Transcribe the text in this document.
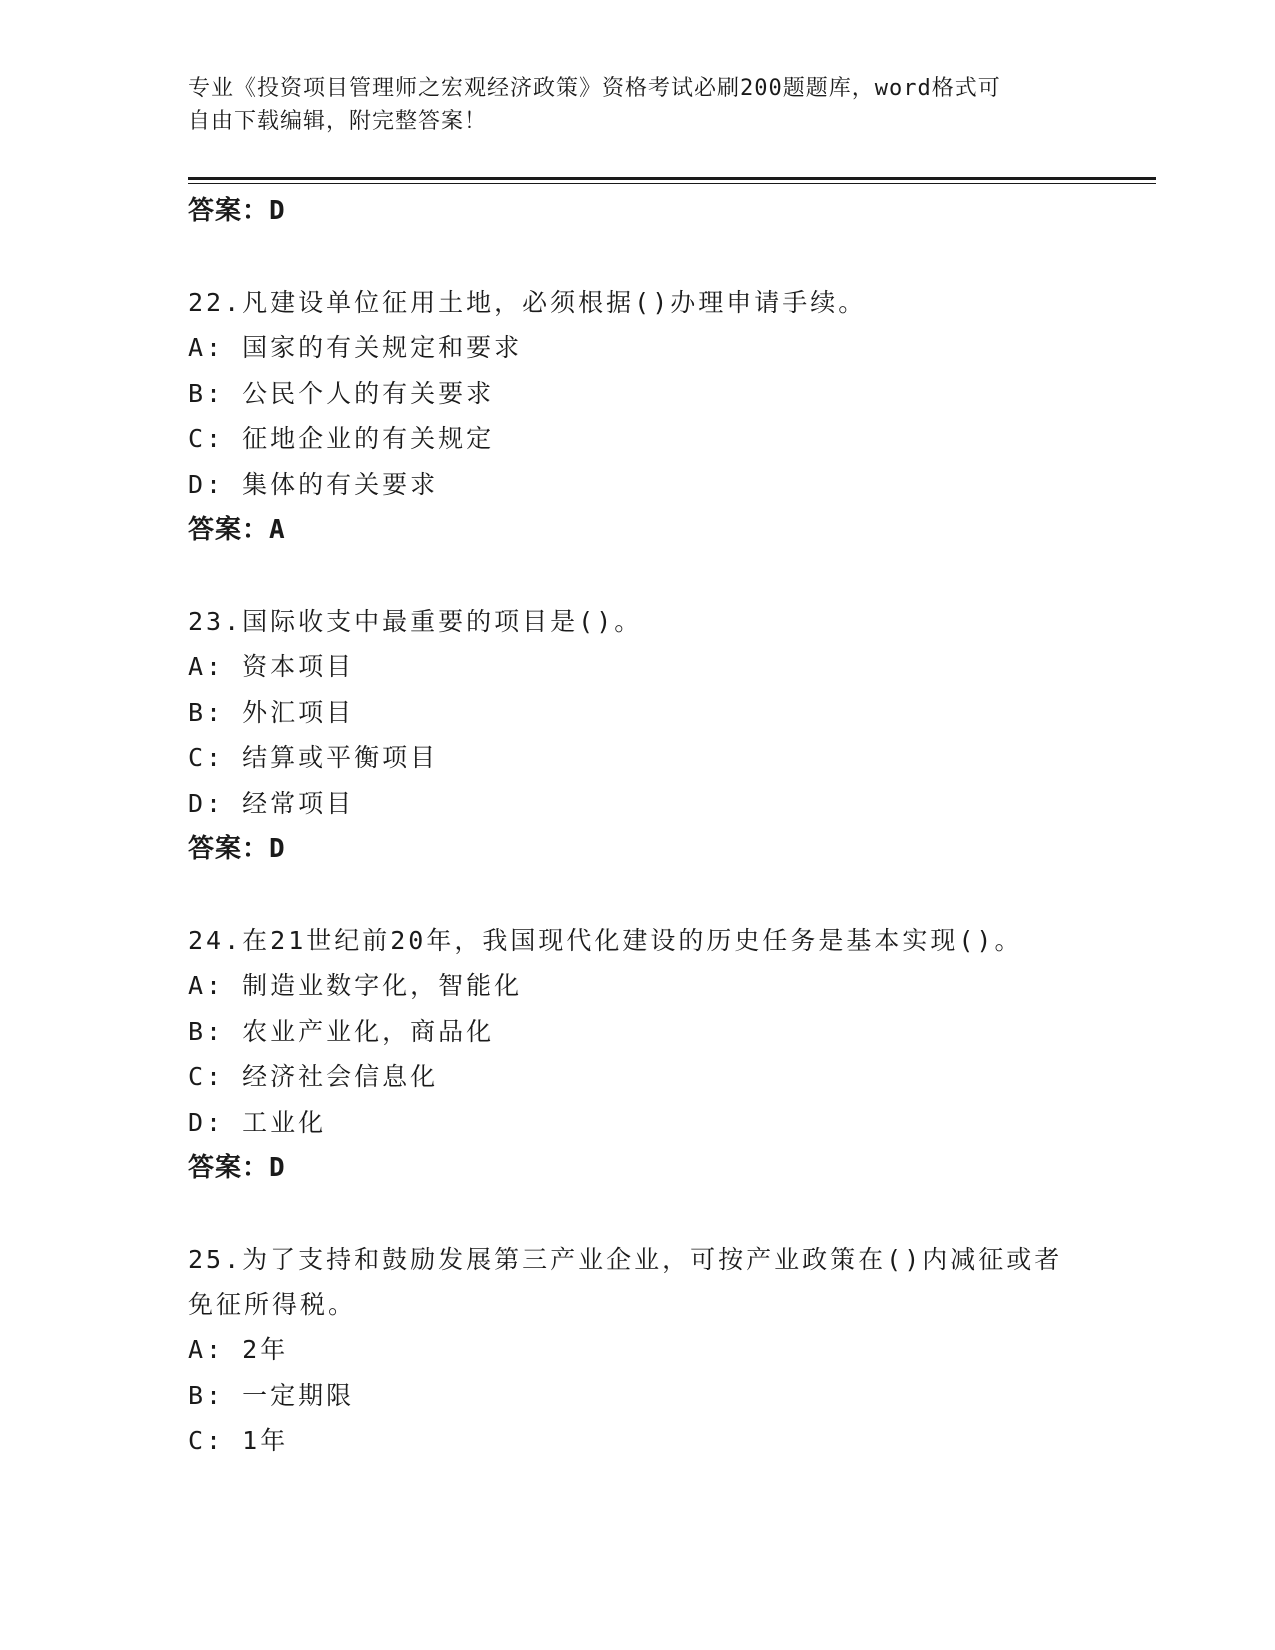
专业《投资项目管理师之宏观经济政策》资格考试必刷200题题库，word格式可
自由下载编辑，附完整答案！
答案：D
22.凡建设单位征用土地，必须根据()办理申请手续。
A: 国家的有关规定和要求
B: 公民个人的有关要求
C: 征地企业的有关规定
D: 集体的有关要求
答案：A
23.国际收支中最重要的项目是()。
A: 资本项目
B: 外汇项目
C: 结算或平衡项目
D: 经常项目
答案：D
24.在21世纪前20年，我国现代化建设的历史任务是基本实现()。
A: 制造业数字化，智能化
B: 农业产业化，商品化
C: 经济社会信息化
D: 工业化
答案：D
25.为了支持和鼓励发展第三产业企业，可按产业政策在()内减征或者免征所得税。
A: 2年
B: 一定期限
C: 1年
